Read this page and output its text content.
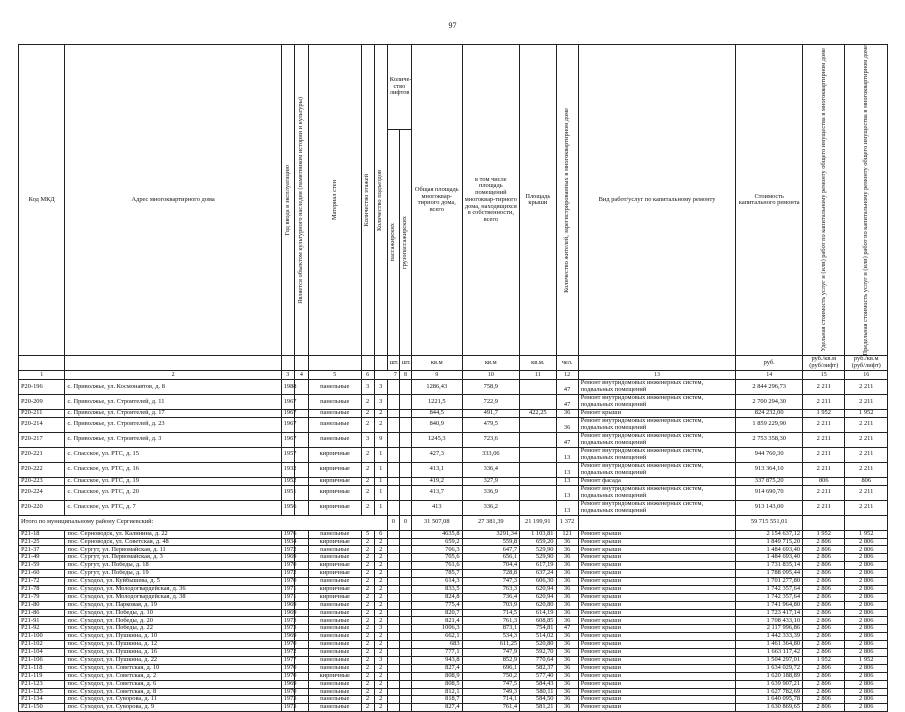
97
Код МКД	Адрес многоквартирного дома	Год ввода в эксплуатацию	Является объектом культурного наследия (памятником истории и культуры)	Материал стен	Количество этажей	Количество подъездов	Количе-ство лифтов		Общая площадь многоквар-тирного дома, всего	в том числе площадь помещений многоквар-тирного дома, находящихся в собственности, всего	Площадь крыши	Количество жителей, зарегистрированных в многоквартирном доме	Вид работ/услуг по капитальному ремонту	Стоимость капитального ремонта	Удельная стоимость услуг и (или) работ по капитальному ремонту общего имущества в многоквартирном доме	Предельная стоимость услуг и (или) работ по капитальному ремонту общего имущества в многоквартирном доме

							пассажирских	грузопассажирских								

							шт.	шт.	кв.м	кв.м	кв.м.	чел.		руб.	руб./кв.м (руб/лифт)	руб./кв.м (руб/лифт)
1	2	3	4	5	6	7		8	9	10	11	12	13	14	15	16
Р20-196	с. Приволжье, ул. Космонавтов, д. 8	1988		панельные	3	3			1286,43	758,9		47	Ремонт внутридомовых инженерных систем, подвальных помещений	2 844 296,73	2 211	2 211
Р20-209	с. Приволжье, ул. Строителей, д. 11	1967		панельные	2	3			1221,5	722,9		47	Ремонт внутридомовых инженерных систем, подвальных помещений	2 700 294,30	2 211	2 211
Р20-211	с. Приволжье, ул. Строителей, д. 17	1967		панельные	2	2			844,5	491,7	422,25	36	Ремонт крыши	824 232,00	1 952	1 952
Р20-214	с. Приволжье, ул. Строителей, д. 23	1967		панельные	2	2			840,9	479,5		36	Ремонт внутридомовых инженерных систем, подвальных помещений	1 859 229,90	2 211	2 211
Р20-217	с. Приволжье, ул. Строителей, д. 3	1967		панельные	3	9			1245,3	723,6		47	Ремонт внутридомовых инженерных систем, подвальных помещений	2 753 358,30	2 211	2 211
Р20-221	с. Спасское, ул. РТС, д. 15	1957		кирпичные	2	1			427,3	333,06		13	Ремонт внутридомовых инженерных систем, подвальных помещений	944 760,30	2 211	2 211
Р20-222	с. Спасское, ул. РТС, д. 16	1932		кирпичные	2	1			413,1	336,4		13	Ремонт внутридомовых инженерных систем, подвальных помещений	913 364,10	2 211	2 211
Р20-223	с. Спасское, ул. РТС, д. 19	1952		кирпичные	2	1			419,2	327,9		13	Ремонт фасада	337 875,20	806	806
Р20-224	с. Спасское, ул. РТС, д. 20	1951		кирпичные	2	1			413,7	336,9		13	Ремонт внутридомовых инженерных систем, подвальных помещений	914 690,70	2 211	2 211
Р20-220	с. Спасское, ул. РТС, д. 7	1956		кирпичные	2	1			413	336,2		13	Ремонт внутридомовых инженерных систем, подвальных помещений	913 143,00	2 211	2 211
Итого по муниципальному району Сергиевский:							0	0	31 507,08	27 381,39	21 199,91	1 372		59 715 551,01		
Р21-18	пос. Серноводск, ул. Калинина, д. 22	1976		панельные	5	6			4635,8	3291,34	1 103,81	121	Ремонт крыши	2 154 637,12	1 952	1 952
Р21-25	пос. Серноводск, ул. Советская, д. 48	1934		кирпичные	2	2			659,2	559,8	659,20	36	Ремонт крыши	1 849 715,20	2 806	2 806
Р21-37	пос. Сургут, ул. Первомайская, д. 11	1972		панельные	2	2			706,3	647,7	529,90	36	Ремонт крыши	1 484 693,40	2 806	2 806
Р21-49	пос. Сургут, ул. Первомайская, д. 3	1969		панельные	2	2			705,6	656,1	529,90	36	Ремонт крыши	1 484 693,40	2 806	2 806
Р21-59	пос. Сургут, ул. Победы, д. 18	1970		кирпичные	2	2			761,6	704,4	617,19	36	Ремонт крыши	1 731 835,14	2 806	2 806
Р21-60	пос. Сургут, ул. Победы, д. 19	1972		кирпичные	2	2			785,7	728,8	637,24	36	Ремонт крыши	1 788 095,44	2 806	2 806
Р21-72	пос. Суходол, ул. Куйбышева, д. 5	1970		панельные	2	2			614,3	747,3	606,30	36	Ремонт крыши	1 701 277,80	2 806	2 806
Р21-78	пос. Суходол, ул. Молодогвардейская, д. 36	1971		кирпичные	2	2			833,5	763,3	620,94	36	Ремонт крыши	1 742 357,64	2 806	2 806
Р21-79	пос. Суходол, ул. Молодогвардейская, д. 38	1971		кирпичные	2	2			824,8	736,4	620,94	36	Ремонт крыши	1 742 357,64	2 806	2 806
Р21-80	пос. Суходол, ул. Парковая, д. 19	1969		панельные	2	2			775,4	703,9	620,80	36	Ремонт крыши	1 741 964,80	2 806	2 806
Р21-86	пос. Суходол, ул. Победы, д. 10	1969		панельные	2	2			820,7	714,5	614,19	36	Ремонт крыши	1 723 417,14	2 806	2 806
Р21-91	пос. Суходол, ул. Победы, д. 20	1973		панельные	2	2			821,4	761,3	608,85	36	Ремонт крыши	1 708 433,10	2 806	2 806
Р21-92	пос. Суходол, ул. Победы, д. 22	1973		панельные	2	3			1006,3	873,1	754,81	47	Ремонт крыши	2 117 996,86	2 806	2 806
Р21-100	пос. Суходол, ул. Пушкина, д. 10	1969		панельные	2	2			662,1	534,3	514,02	36	Ремонт крыши	1 442 333,39	2 806	2 806
Р21-102	пос. Суходол, ул. Пушкина, д. 12	1970		панельные	2	2			683	611,25	520,80	36	Ремонт крыши	1 461 364,80	2 806	2 806
Р21-104	пос. Суходол, ул. Пушкина, д. 16	1972		панельные	2	2			777,1	747,9	592,70	36	Ремонт крыши	1 663 117,42	2 806	2 806
Р21-106	пос. Суходол, ул. Пушкина, д. 22	1977		панельные	2	3			943,8	852,9	770,64	36	Ремонт крыши	1 504 297,01	1 952	1 952
Р21-118	пос. Суходол, ул. Советская, д. 10	1970		панельные	2	2			827,4	696,1	582,37	36	Ремонт крыши	1 634 029,72	2 806	2 806
Р21-119	пос. Суходол, ул. Советская, д. 2	1970		кирпичные	2	2			808,9	750,2	577,40	36	Ремонт крыши	1 620 188,89	2 806	2 806
Р21-123	пос. Суходол, ул. Советская, д. 6	1969		панельные	2	2			808,5	747,5	584,43	36	Ремонт крыши	1 639 907,21	2 806	2 806
Р21-125	пос. Суходол, ул. Советская, д. 8	1970		панельные	2	2			812,1	749,3	580,11	36	Ремонт крыши	1 627 782,69	2 806	2 806
Р21-134	пос. Суходол, ул. Суворова, д. 11	1973		панельные	2	2			818,7	714,1	584,50	36	Ремонт крыши	1 640 095,78	2 806	2 806
Р21-150	пос. Суходол, ул. Суворова, д. 9	1973		панельные	2	2			827,4	761,4	581,21	36	Ремонт крыши	1 630 869,65	2 806	2 806
